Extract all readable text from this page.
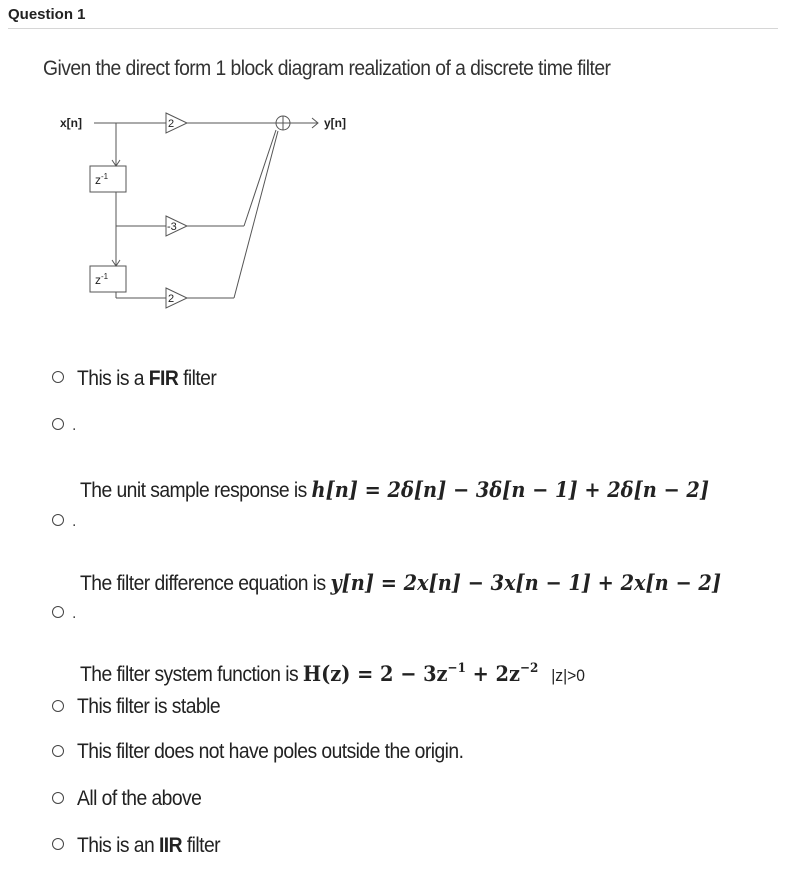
Question 1
Given the direct form 1 block diagram realization of a discrete time filter
x[n]	y[n]
$z^{-1}$
$z^{-1}$
2
-3
2
This is a FIR filter
.
The unit sample response is h[n] = 2δ[n] − 3δ[n − 1] + 2δ[n − 2]
.
The filter difference equation is y[n] = 2x[n] − 3x[n − 1] + 2x[n − 2]
.
The filter system function is $H(z) = 2 - 3z^{-1} + 2z^{-2}$ |z|>0
This filter is stable
This filter does not have poles outside the origin.
All of the above
This is an IIR filter
